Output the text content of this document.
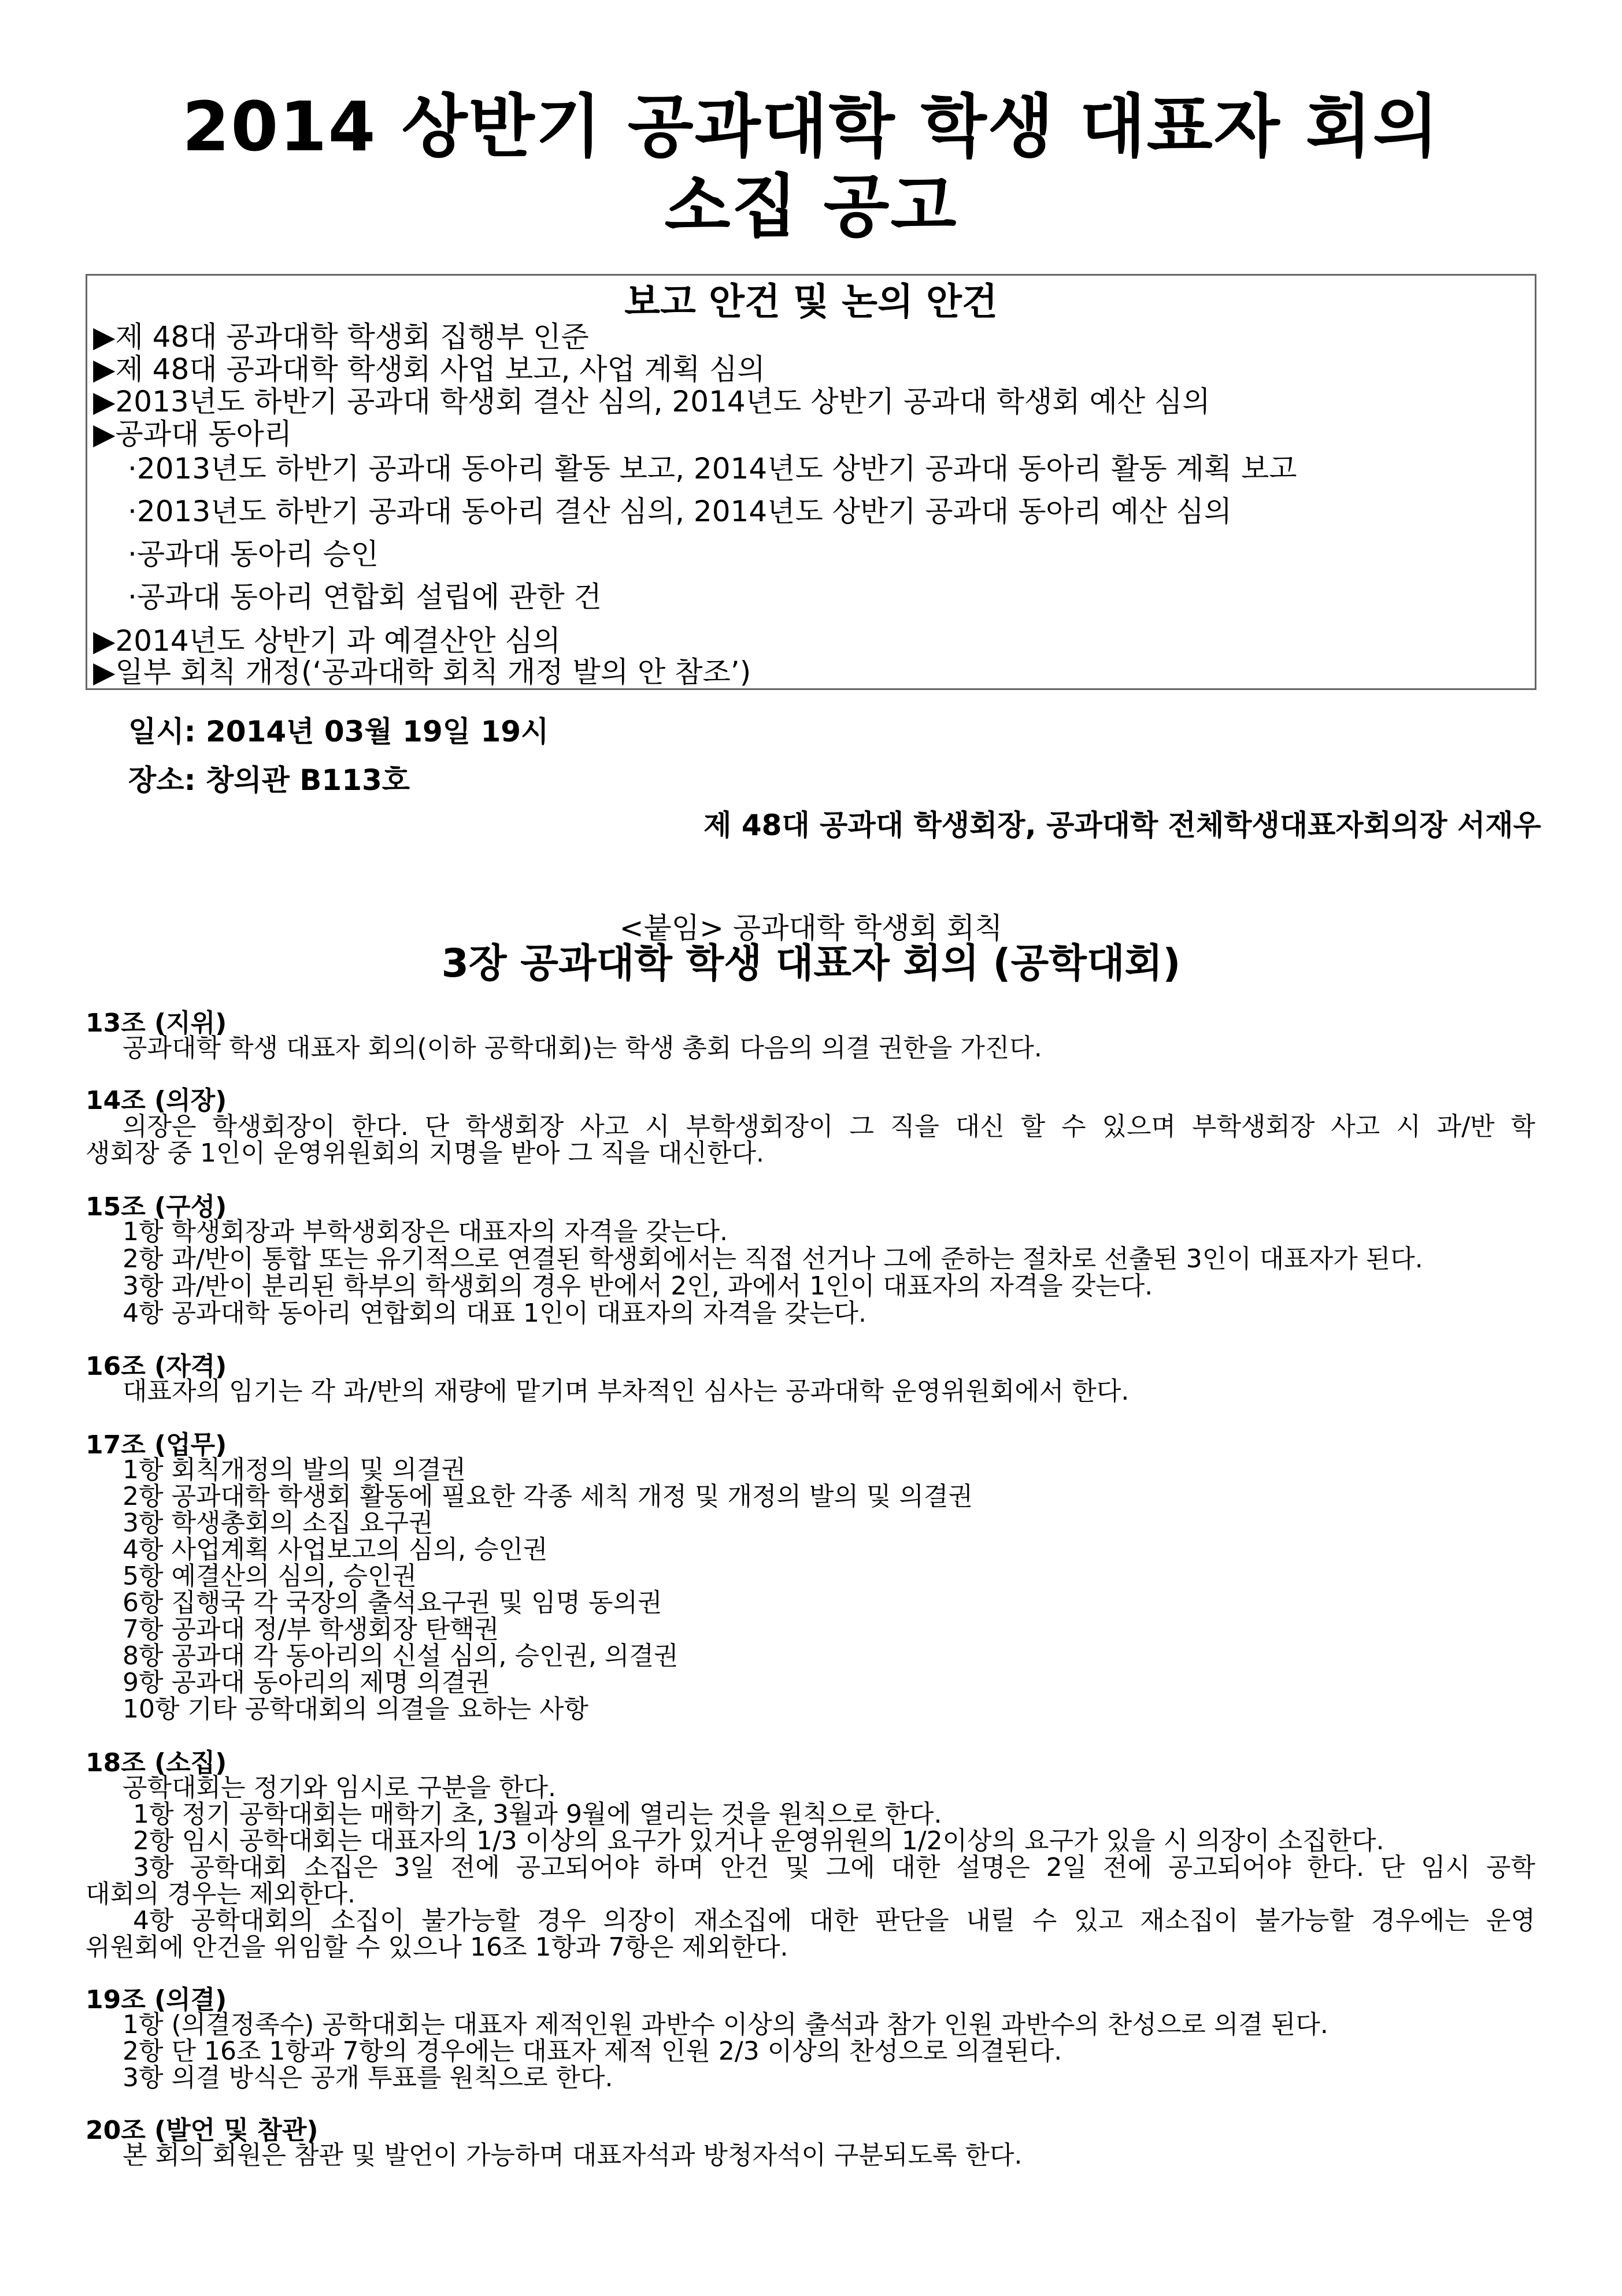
2014 상반기 공과대학 학생 대표자 회의
소집 공고
보고 안건 및 논의 안건
▶제 48대 공과대학 학생회 집행부 인준
▶제 48대 공과대학 학생회 사업 보고, 사업 계획 심의
▶2013년도 하반기 공과대 학생회 결산 심의, 2014년도 상반기 공과대 학생회 예산 심의
▶공과대 동아리
·2013년도 하반기 공과대 동아리 활동 보고, 2014년도 상반기 공과대 동아리 활동 계획 보고
·2013년도 하반기 공과대 동아리 결산 심의, 2014년도 상반기 공과대 동아리 예산 심의
·공과대 동아리 승인
·공과대 동아리 연합회 설립에 관한 건
▶2014년도 상반기 과 예결산안 심의
▶일부 회칙 개정(‘공과대학 회칙 개정 발의 안 참조’)
일시: 2014년 03월 19일 19시
장소: 창의관 B113호
제 48대 공과대 학생회장, 공과대학 전체학생대표자회의장 서재우
<붙임> 공과대학 학생회 회칙
3장 공과대학 학생 대표자 회의 (공학대회)
13조 (지위)
공과대학 학생 대표자 회의(이하 공학대회)는 학생 총회 다음의 의결 권한을 가진다.
14조 (의장)
의장은 학생회장이 한다. 단 학생회장 사고 시 부학생회장이 그 직을 대신 할 수 있으며 부학생회장 사고 시 과/반 학
생회장 중 1인이 운영위원회의 지명을 받아 그 직을 대신한다.
15조 (구성)
1항 학생회장과 부학생회장은 대표자의 자격을 갖는다.
2항 과/반이 통합 또는 유기적으로 연결된 학생회에서는 직접 선거나 그에 준하는 절차로 선출된 3인이 대표자가 된다.
3항 과/반이 분리된 학부의 학생회의 경우 반에서 2인, 과에서 1인이 대표자의 자격을 갖는다.
4항 공과대학 동아리 연합회의 대표 1인이 대표자의 자격을 갖는다.
16조 (자격)
대표자의 임기는 각 과/반의 재량에 맡기며 부차적인 심사는 공과대학 운영위원회에서 한다.
17조 (업무)
1항 회칙개정의 발의 및 의결권
2항 공과대학 학생회 활동에 필요한 각종 세칙 개정 및 개정의 발의 및 의결권
3항 학생총회의 소집 요구권
4항 사업계획 사업보고의 심의, 승인권
5항 예결산의 심의, 승인권
6항 집행국 각 국장의 출석요구권 및 임명 동의권
7항 공과대 정/부 학생회장 탄핵권
8항 공과대 각 동아리의 신설 심의, 승인권, 의결권
9항 공과대 동아리의 제명 의결권
10항 기타 공학대회의 의결을 요하는 사항
18조 (소집)
공학대회는 정기와 임시로 구분을 한다.
1항 정기 공학대회는 매학기 초, 3월과 9월에 열리는 것을 원칙으로 한다.
2항 임시 공학대회는 대표자의 1/3 이상의 요구가 있거나 운영위원의 1/2이상의 요구가 있을 시 의장이 소집한다.
3항 공학대회 소집은 3일 전에 공고되어야 하며 안건 및 그에 대한 설명은 2일 전에 공고되어야 한다. 단 임시 공학
대회의 경우는 제외한다.
4항 공학대회의 소집이 불가능할 경우 의장이 재소집에 대한 판단을 내릴 수 있고 재소집이 불가능할 경우에는 운영
위원회에 안건을 위임할 수 있으나 16조 1항과 7항은 제외한다.
19조 (의결)
1항 (의결정족수) 공학대회는 대표자 제적인원 과반수 이상의 출석과 참가 인원 과반수의 찬성으로 의결 된다.
2항 단 16조 1항과 7항의 경우에는 대표자 제적 인원 2/3 이상의 찬성으로 의결된다.
3항 의결 방식은 공개 투표를 원칙으로 한다.
20조 (발언 및 참관)
본 회의 회원은 참관 및 발언이 가능하며 대표자석과 방청자석이 구분되도록 한다.
